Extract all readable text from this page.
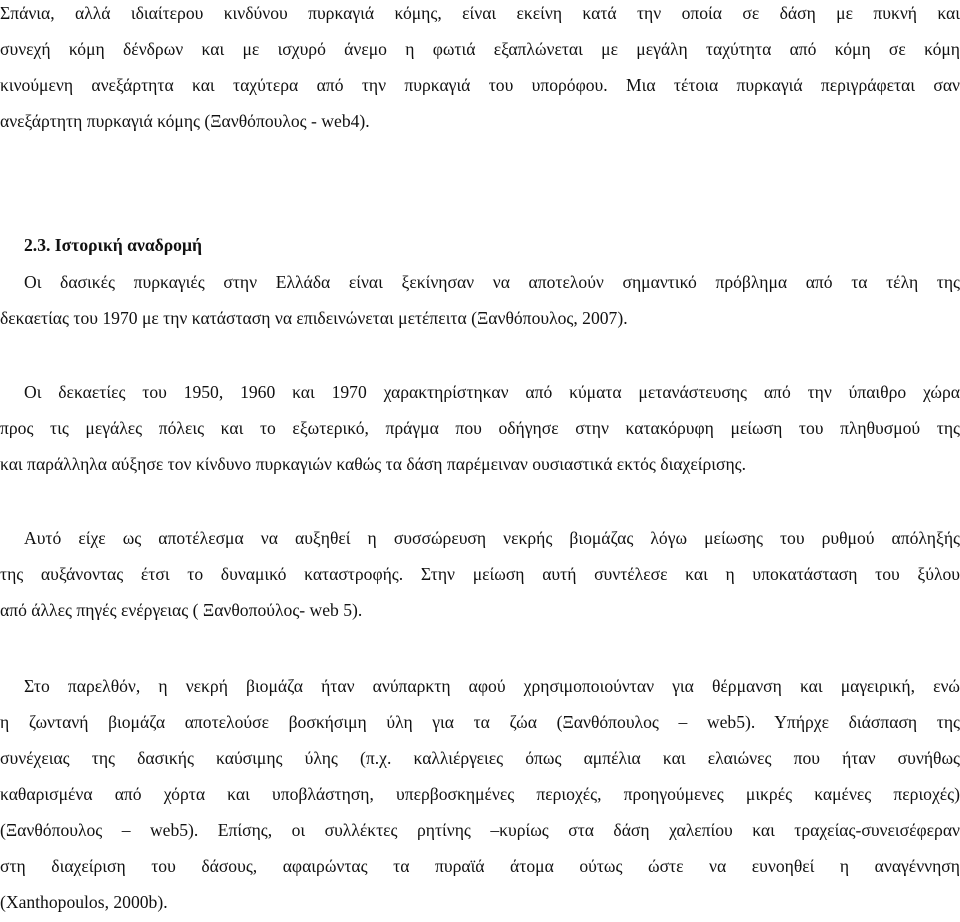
Σπάνια, αλλά ιδιαίτερου κινδύνου πυρκαγιά κόμης, είναι εκείνη κατά την οποία σε δάση με πυκνή και
συνεχή κόμη δένδρων και με ισχυρό άνεμο η φωτιά εξαπλώνεται με μεγάλη ταχύτητα από κόμη σε κόμη
κινούμενη ανεξάρτητα και ταχύτερα από την πυρκαγιά του υπορόφου. Μια τέτοια πυρκαγιά περιγράφεται σαν
ανεξάρτητη πυρκαγιά κόμης (Ξανθόπουλος - web4).
2.3. Ιστορική αναδρομή
Οι δασικές πυρκαγιές στην Ελλάδα είναι ξεκίνησαν να αποτελούν σημαντικό πρόβλημα από τα τέλη της
δεκαετίας του 1970 με την κατάσταση να επιδεινώνεται μετέπειτα (Ξανθόπουλος, 2007).
Οι δεκαετίες του 1950, 1960 και 1970 χαρακτηρίστηκαν από κύματα μετανάστευσης από την ύπαιθρο χώρα
προς τις μεγάλες πόλεις και το εξωτερικό, πράγμα που οδήγησε στην κατακόρυφη μείωση του πληθυσμού της
και παράλληλα αύξησε τον κίνδυνο πυρκαγιών καθώς τα δάση παρέμειναν ουσιαστικά εκτός διαχείρισης.
Αυτό είχε ως αποτέλεσμα να αυξηθεί η συσσώρευση νεκρής βιομάζας λόγω μείωσης του ρυθμού απόληξής
της αυξάνοντας έτσι το δυναμικό καταστροφής. Στην μείωση αυτή συντέλεσε και η υποκατάσταση του ξύλου
από άλλες πηγές ενέργειας ( Ξανθοπούλος- web 5).
Στο παρελθόν, η νεκρή βιομάζα ήταν ανύπαρκτη αφού χρησιμοποιούνταν για θέρμανση και μαγειρική, ενώ
η ζωντανή βιομάζα αποτελούσε βοσκήσιμη ύλη για τα ζώα (Ξανθόπουλος – web5). Υπήρχε διάσπαση της
συνέχειας της δασικής καύσιμης ύλης (π.χ. καλλιέργειες όπως αμπέλια και ελαιώνες που ήταν συνήθως
καθαρισμένα από χόρτα και υποβλάστηση, υπερβοσκημένες περιοχές, προηγούμενες μικρές καμένες περιοχές)
(Ξανθόπουλος – web5). Επίσης, οι συλλέκτες ρητίνης –κυρίως στα δάση χαλεπίου και τραχείας-συνεισέφεραν
στη διαχείριση του δάσους, αφαιρώντας τα πυραϊά άτομα ούτως ώστε να ευνοηθεί η αναγέννηση
(Xanthopoulos, 2000b).
